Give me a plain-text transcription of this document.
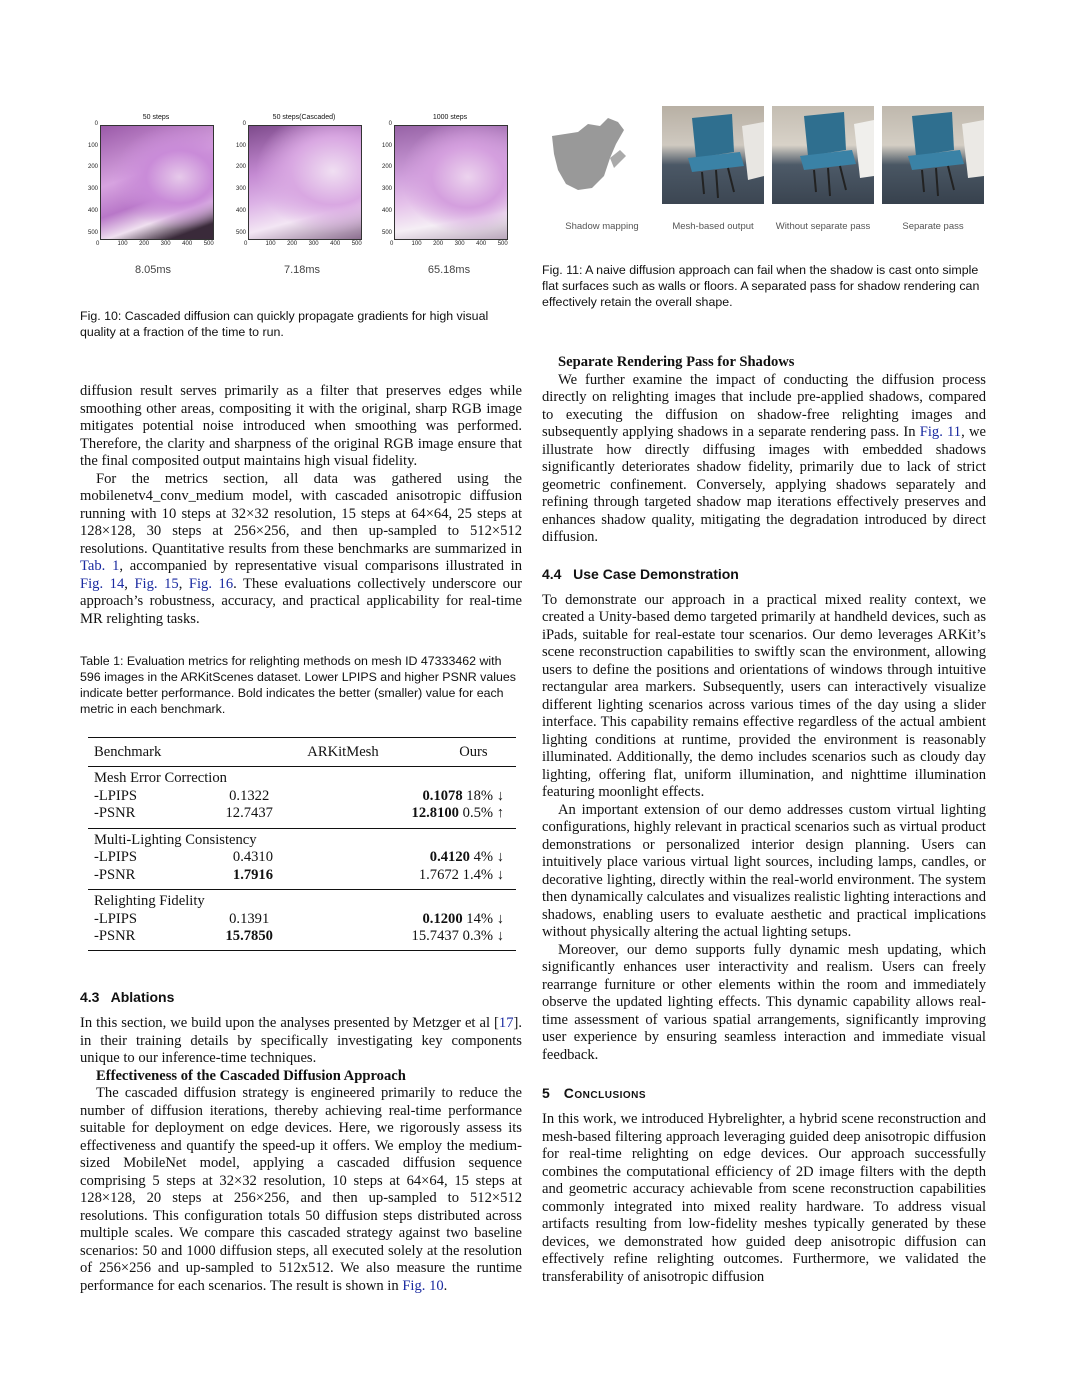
50 steps
0
100
200
300
400
500
0	100 200 300 400 500
50 steps(Cascaded)
0
100
200
300
400
500
0	100 200 300 400 500
1000 steps
0
100
200
300
400
500
0	100 200 300 400 500
8.05ms	7.18ms	65.18ms
Fig. 10: Cascaded diffusion can quickly propagate gradients for high visual quality at a fraction of the time to run.
Shadow mapping	Mesh-based output	Without separate pass	Separate pass
Fig. 11: A naive diffusion approach can fail when the shadow is cast onto simple flat surfaces such as walls or floors. A separated pass for shadow rendering can effectively retain the overall shape.

diffusion result serves primarily as a filter that preserves edges while smoothing other areas, compositing it with the original, sharp RGB image mitigates potential noise introduced when smoothing was performed. Therefore, the clarity and sharpness of the original RGB image ensure that the final composited output maintains high visual fidelity.

For the metrics section, all data was gathered using the mobilenetv4_conv_medium model, with cascaded anisotropic diffusion running with 10 steps at 32×32 resolution, 15 steps at 64×64, 25 steps at 128×128, 30 steps at 256×256, and then up-sampled to 512×512 resolutions. Quantitative results from these benchmarks are summarized in Tab. 1, accompanied by representative visual comparisons illustrated in Fig. 14, Fig. 15, Fig. 16. These evaluations collectively underscore our approach’s robustness, accuracy, and practical applicability for real-time MR relighting tasks.

Table 1: Evaluation metrics for relighting methods on mesh ID 47333462 with 596 images in the ARKitScenes dataset. Lower LPIPS and higher PSNR values indicate better performance. Bold indicates the better (smaller) value for each metric in each benchmark.
Benchmark	ARKitMesh	Ours
Mesh Error Correction		
-LPIPS	0.1322	0.1078 18% ↓
-PSNR	12.7437	12.8100 0.5% ↑
Multi-Lighting Consistency		
-LPIPS	0.4310	0.4120 4% ↓
-PSNR	1.7916	1.7672 1.4% ↓
Relighting Fidelity		
-LPIPS	0.1391	0.1200 14% ↓
-PSNR	15.7850	15.7437 0.3% ↓
4.3   Ablations

In this section, we build upon the analyses presented by Metzger et al [17]. in their training details by specifically investigating key components unique to our inference-time techniques.

Effectiveness of the Cascaded Diffusion Approach

The cascaded diffusion strategy is engineered primarily to reduce the number of diffusion iterations, thereby achieving real-time performance suitable for deployment on edge devices. Here, we rigorously assess its effectiveness and quantify the speed-up it offers. We employ the medium-sized MobileNet model, applying a cascaded diffusion sequence comprising 5 steps at 32×32 resolution, 10 steps at 64×64, 15 steps at 128×128, 20 steps at 256×256, and then up-sampled to 512×512 resolutions. This configuration totals 50 diffusion steps distributed across multiple scales. We compare this cascaded strategy against two baseline scenarios: 50 and 1000 diffusion steps, all executed solely at the resolution of 256×256 and up-sampled to 512x512. We also measure the runtime performance for each scenarios. The result is shown in Fig. 10.

Separate Rendering Pass for Shadows

We further examine the impact of conducting the diffusion process directly on relighting images that include pre-applied shadows, compared to executing the diffusion on shadow-free relighting images and subsequently applying shadows in a separate rendering pass. In Fig. 11, we illustrate how directly diffusing images with embedded shadows significantly deteriorates shadow fidelity, primarily due to lack of strict geometric confinement. Conversely, applying shadows separately and refining through targeted shadow map iterations effectively preserves and enhances shadow quality, mitigating the degradation introduced by direct diffusion.

4.4   Use Case Demonstration

To demonstrate our approach in a practical mixed reality context, we created a Unity-based demo targeted primarily at handheld devices, such as iPads, suitable for real-estate tour scenarios. Our demo leverages ARKit’s scene reconstruction capabilities to swiftly scan the environment, allowing users to define the positions and orientations of windows through intuitive rectangular area markers. Subsequently, users can interactively visualize different lighting scenarios across various times of the day using a slider interface. This capability remains effective regardless of the actual ambient lighting conditions at runtime, provided the environment is reasonably illuminated. Additionally, the demo includes scenarios such as cloudy day lighting, offering flat, uniform illumination, and nighttime illumination featuring moonlight effects.

An important extension of our demo addresses custom virtual lighting configurations, highly relevant in practical scenarios such as virtual product demonstrations or personalized interior design planning. Users can intuitively place various virtual light sources, including lamps, candles, or decorative lighting, directly within the real-world environment. The system then dynamically calculates and visualizes realistic lighting interactions and shadows, enabling users to evaluate aesthetic and practical implications without physically altering the actual lighting setups.

Moreover, our demo supports fully dynamic mesh updating, which significantly enhances user interactivity and realism. Users can freely rearrange furniture or other elements within the room and immediately observe the updated lighting effects. This dynamic capability allows real-time assessment of various spatial arrangements, significantly improving user experience by ensuring seamless interaction and immediate visual feedback.

5 Conclusions

In this work, we introduced Hybrelighter, a hybrid scene reconstruction and mesh-based filtering approach leveraging guided deep anisotropic diffusion for real-time relighting on edge devices. Our approach successfully combines the computational efficiency of 2D image filters with the depth and geometric accuracy achievable from scene reconstruction capabilities commonly integrated into mixed reality hardware. To address visual artifacts resulting from low-fidelity meshes typically generated by these devices, we demonstrated how guided deep anisotropic diffusion can effectively refine relighting outcomes. Furthermore, we validated the transferability of anisotropic diffusion
